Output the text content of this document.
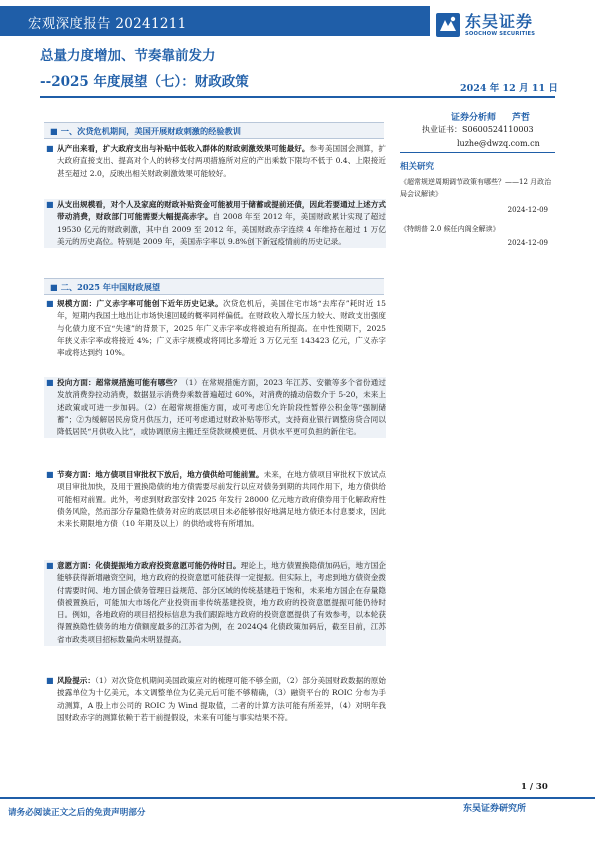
宏观深度报告 20241211	东吴证券
SOOCHOW SECURITIES
总量力度增加、节奏靠前发力
--2025 年度展望（七）：财政政策	2024 年 12 月 11 日
证券分析师 芦哲
执业证书：S0600524110003
luzhe@dwzq.com.cn
相关研究
《超常规逆周期调节政策有哪些？——12 月政治局会议解读》
2024-12-09
《特朗普 2.0 候任内阁全解读》
2024-12-09
■ 一、次贷危机期间，美国开展财政刺激的经验教训
■ 从产出来看，扩大政府支出与补贴中低收入群体的财政刺激效果可能最好。参考美国国会测算，扩大政府直接支出、提高对个人的转移支付两项措施所对应的产出乘数下限均不低于 0.4、上限接近甚至超过 2.0，反映出相关财政刺激效果可能较好。
■ 从支出规模看，对个人及家庭的财政补贴资金可能被用于储蓄或提前还债，因此若要通过上述方式带动消费，财政部门可能需要大幅提高赤字。自 2008 年至 2012 年，美国财政累计实现了超过 19530 亿元的财政刺激，其中自 2009 至 2012 年，美国财政赤字连续 4 年维持在超过 1 万亿美元的历史高位。特别是 2009 年，美国赤字率以 9.8%创下新冠疫情前的历史记录。
■ 二、2025 年中国财政展望
■ 规模方面：广义赤字率可能创下近年历史记录。次贷危机后，美国住宅市场“去库存”耗时近 15 年，短期内我国土地出让市场快速回暖的概率同样偏低。在财政收入增长压力较大、财政支出强度与化债力度不宜“失速”的背景下，2025 年广义赤字率或将被迫有所提高。在中性预期下，2025 年狭义赤字率或将接近 4%；广义赤字规模或将同比多增近 3 万亿元至 143423 亿元，广义赤字率或将达到约 10%。
■ 投向方面：超常规措施可能有哪些？（1）在常规措施方面，2023 年江苏、安徽等多个省份通过发放消费券拉动消费，数据显示消费券乘数普遍超过 60%，对消费的撬动倍数介于 5-20，未来上述政策或可进一步加码。（2）在超常规措施方面，或可考虑①允许阶段性暂停公积金等“强制储蓄”；②为缓解居民房贷月供压力，还可考虑通过财政补贴等形式，支持商业银行调整房贷合同以降低居民“月供收入比”，或协调原房主搬迁至贷款规模更低、月供水平更可负担的新住宅。
■ 节奏方面：地方债项目审批权下放后，地方债供给可能前置。未来，在地方债项目审批权下放试点项目审批加快，及用于置换隐债的地方债需要尽前发行以应对债务到期的共同作用下，地方债供给可能相对前置。此外，考虑到财政部安排 2025 年发行 28000 亿元地方政府债券用于化解政府性债务风险，然而部分存量隐性债务对应的底层项目未必能够很好地满足地方债还本付息要求，因此未来长期限地方债（10 年期及以上）的供给或将有所增加。
■ 意愿方面：化债提振地方政府投资意愿可能仍待时日。理论上，地方债置换隐债加码后，地方国企能够获得新增融资空间，地方政府的投资意愿可能获得一定提振。但实际上，考虑到地方债资金拨付需要时间、地方国企债务管理日益规范、部分区域的传统基建趋于饱和，未来地方国企在存量隐债被置换后，可能加大市场化产业投资而非传统基建投资，地方政府的投资意愿提振可能仍待时日。例如，各地政府的项目招投标信息为我们跟踪地方政府的投资意愿提供了有效参考，以本轮获得置换隐性债务的地方债额度最多的江苏省为例，在 2024Q4 化债政策加码后，截至目前，江苏省市政类项目招标数量尚未明显提高。
■ 风险提示：（1）对次贷危机期间美国政策应对的梳理可能不够全面，（2）部分美国财政数据的原始披露单位为十亿美元，本文调整单位为亿美元后可能不够精确，（3）融资平台的 ROIC 分布为手动测算，A 股上市公司的 ROIC 为 Wind 提取值，二者的计算方法可能有所差异，（4）对明年我国财政赤字的测算依赖于若干前提假设，未来有可能与事实结果不符。
1 / 30
请务必阅读正文之后的免责声明部分	东吴证券研究所
